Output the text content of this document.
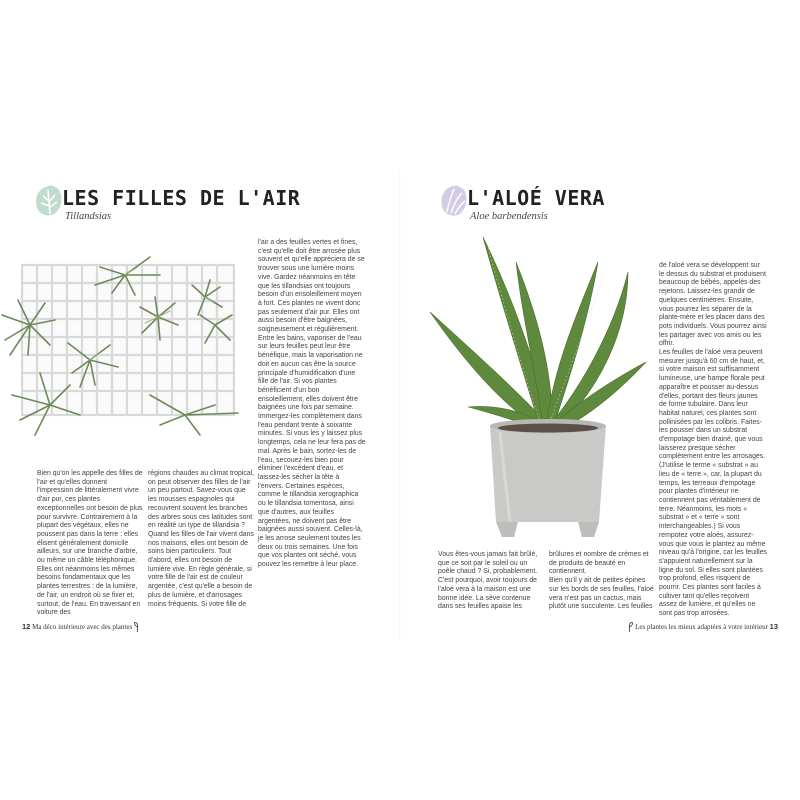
LES FILLES DE L'AIR
Tillandsias
L'ALOÉ VERA
Aloe barbendensis

Bien qu'on les appelle des filles de l'air et qu'elles donnent l'impression de littéralement vivre d'air pur, ces plantes exceptionnelles ont besoin de plus pour survivre. Contrairement à la plupart des végétaux, elles ne poussent pas dans la terre : elles élisent généralement domicile ailleurs, sur une branche d'arbre, ou même un câble téléphonique. Elles ont néanmoins les mêmes besoins fondamentaux que les plantes terrestres : de la lumière, de l'air, un endroit où se fixer et, surtout, de l'eau. En traversant en voiture des

régions chaudes au climat tropical, on peut observer des filles de l'air un peu partout. Savez-vous que les mousses espagnoles qui recouvrent souvent les branches des arbres sous ces latitudes sont en réalité un type de tillandsia ?

Quand les filles de l'air vivent dans nos maisons, elles ont besoin de soins bien particuliers. Tout d'abord, elles ont besoin de lumière vive. En règle générale, si votre fille de l'air est de couleur argentée, c'est qu'elle a besoin de plus de lumière, et d'arrosages moins fréquents. Si votre fille de

l'air a des feuilles vertes et fines, c'est qu'elle doit être arrosée plus souvent et qu'elle appréciera de se trouver sous une lumière moins vive. Gardez néanmoins en tête que les tillandsias ont toujours besoin d'un ensoleillement moyen à fort. Ces plantes ne vivent donc pas seulement d'air pur. Elles ont aussi besoin d'être baignées, soigneusement et régulièrement. Entre les bains, vaporiser de l'eau sur leurs feuilles peut leur être bénéfique, mais la vaporisation ne doit en aucun cas être la source principale d'humidification d'une fille de l'air. Si vos plantes bénéficient d'un bon ensoleillement, elles doivent être baignées une fois par semaine. Immergez-les complètement dans l'eau pendant trente à soixante minutes. Si vous les y laissez plus longtemps, cela ne leur fera pas de mal. Après le bain, sortez-les de l'eau, secouez-les bien pour éliminer l'excédent d'eau, et laissez-les sécher la tête à l'envers. Certaines espèces, comme le tillandsia xerographica ou le tillandsia tomentosa, ainsi que d'autres, aux feuilles argentées, ne doivent pas être baignées aussi souvent. Celles-là, je les arrose seulement toutes les deux ou trois semaines. Une fois que vos plantes ont séché, vous pouvez les remettre à leur place.

Vous êtes-vous jamais fait brûlé, que ce soit par le soleil ou un poêle chaud ? Si, probablement. C'est pourquoi, avoir toujours de l'aloé vera à la maison est une bonne idée. La sève contenue dans ses feuilles apaise les

brûlures et nombre de crèmes et de produits de beauté en contiennent.

Bien qu'il y ait de petites épines sur les bords de ses feuilles, l'aloé vera n'est pas un cactus, mais plutôt une succulente. Les feuilles

de l'aloé vera se développent sur le dessus du substrat et produisent beaucoup de bébés, appelés des rejetons. Laissez-les grandir de quelques centimètres. Ensuite, vous pourrez les séparer de la plante-mère et les placer dans des pots individuels. Vous pourrez ainsi les partager avec vos amis ou les offrir.

Les feuilles de l'aloé vera peuvent mesurer jusqu'à 60 cm de haut, et, si votre maison est suffisamment lumineuse, une hampe florale peut apparaître et pousser au-dessus d'elles, portant des fleurs jaunes de forme tubulaire. Dans leur habitat naturel, ces plantes sont pollinisées par les colibris. Faites-les pousser dans un substrat d'empotage bien drainé, que vous laisserez presque sécher complètement entre les arrosages. (J'utilise le terme « substrat » au lieu de « terre », car, la plupart du temps, les terreaux d'empotage pour plantes d'intérieur ne contiennent pas véritablement de terre. Néanmoins, les mots « substrat » et « terre » sont interchangeables.) Si vous rempotez votre aloés, assurez-vous que vous le plantez au même niveau qu'à l'origine, car les feuilles s'appuient naturellement sur la ligne du sol. Si elles sont plantées trop profond, elles risquent de pourrir. Ces plantes sont faciles à cultiver tant qu'elles reçoivent assez de lumière, et qu'elles ne sont pas trop arrosées.

12 Ma déco intérieure avec des plantes	Les plantes les mieux adaptées à votre intérieur 13
